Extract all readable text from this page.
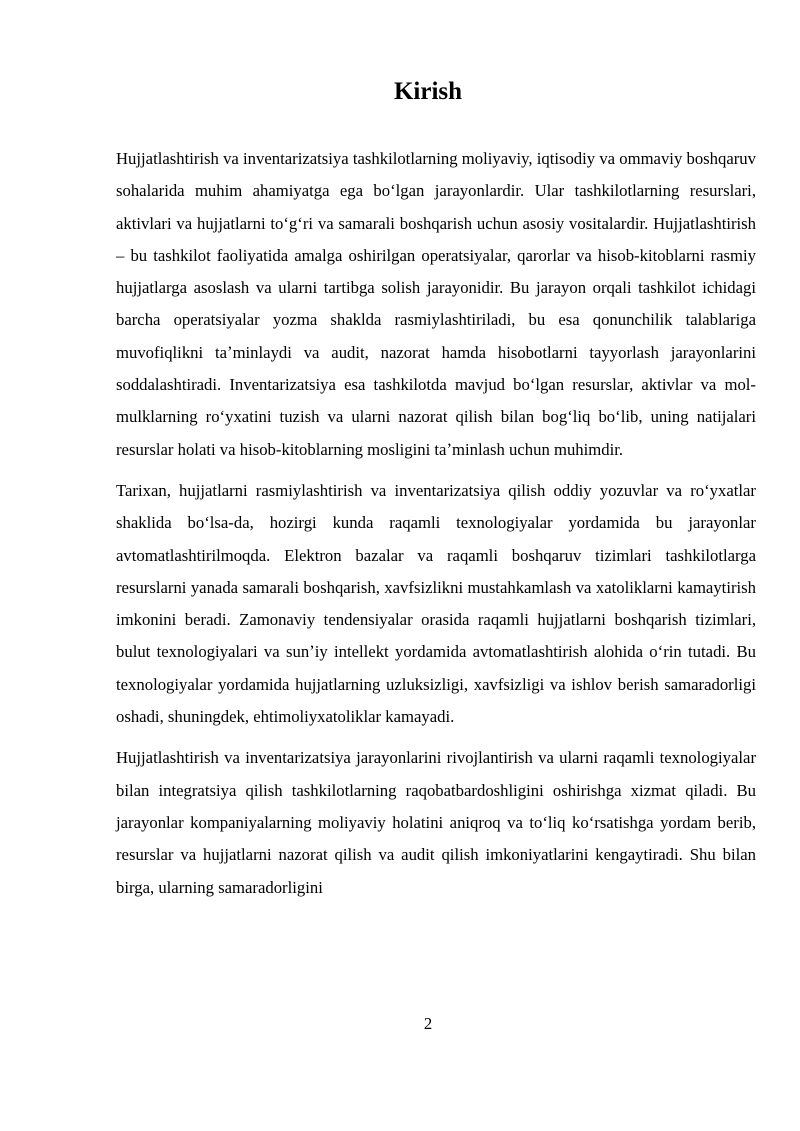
Kirish

Hujjatlashtirish va inventarizatsiya tashkilotlarning moliyaviy, iqtisodiy va ommaviy boshqaruv sohalarida muhim ahamiyatga ega boʻlgan jarayonlardir. Ular tashkilotlarning resurslari, aktivlari va hujjatlarni toʻgʻri va samarali boshqarish uchun asosiy vositalardir. Hujjatlashtirish – bu tashkilot faoliyatida amalga oshirilgan operatsiyalar, qarorlar va hisob-kitoblarni rasmiy hujjatlarga asoslash va ularni tartibga solish jarayonidir. Bu jarayon orqali tashkilot ichidagi barcha operatsiyalar yozma shaklda rasmiylashtiriladi, bu esa qonunchilik talablariga muvofiqlikni taʼminlaydi va audit, nazorat hamda hisobotlarni tayyorlash jarayonlarini soddalashtiradi. Inventarizatsiya esa tashkilotda mavjud boʻlgan resurslar, aktivlar va mol-mulklarning roʻyxatini tuzish va ularni nazorat qilish bilan bogʻliq boʻlib, uning natijalari resurslar holati va hisob-kitoblarning mosligini taʼminlash uchun muhimdir.

Tarixan, hujjatlarni rasmiylashtirish va inventarizatsiya qilish oddiy yozuvlar va roʻyxatlar shaklida boʻlsa-da, hozirgi kunda raqamli texnologiyalar yordamida bu jarayonlar avtomatlashtirilmoqda. Elektron bazalar va raqamli boshqaruv tizimlari tashkilotlarga resurslarni yanada samarali boshqarish, xavfsizlikni mustahkamlash va xatoliklarni kamaytirish imkonini beradi. Zamonaviy tendensiyalar orasida raqamli hujjatlarni boshqarish tizimlari, bulut texnologiyalari va sunʼiy intellekt yordamida avtomatlashtirish alohida oʻrin tutadi. Bu texnologiyalar yordamida hujjatlarning uzluksizligi, xavfsizligi va ishlov berish samaradorligi oshadi, shuningdek, ehtimoliyxatoliklar kamayadi.

Hujjatlashtirish va inventarizatsiya jarayonlarini rivojlantirish va ularni raqamli texnologiyalar bilan integratsiya qilish tashkilotlarning raqobatbardoshligini oshirishga xizmat qiladi. Bu jarayonlar kompaniyalarning moliyaviy holatini aniqroq va toʻliq koʻrsatishga yordam berib, resurslar va hujjatlarni nazorat qilish va audit qilish imkoniyatlarini kengaytiradi. Shu bilan birga, ularning samaradorligini

2
